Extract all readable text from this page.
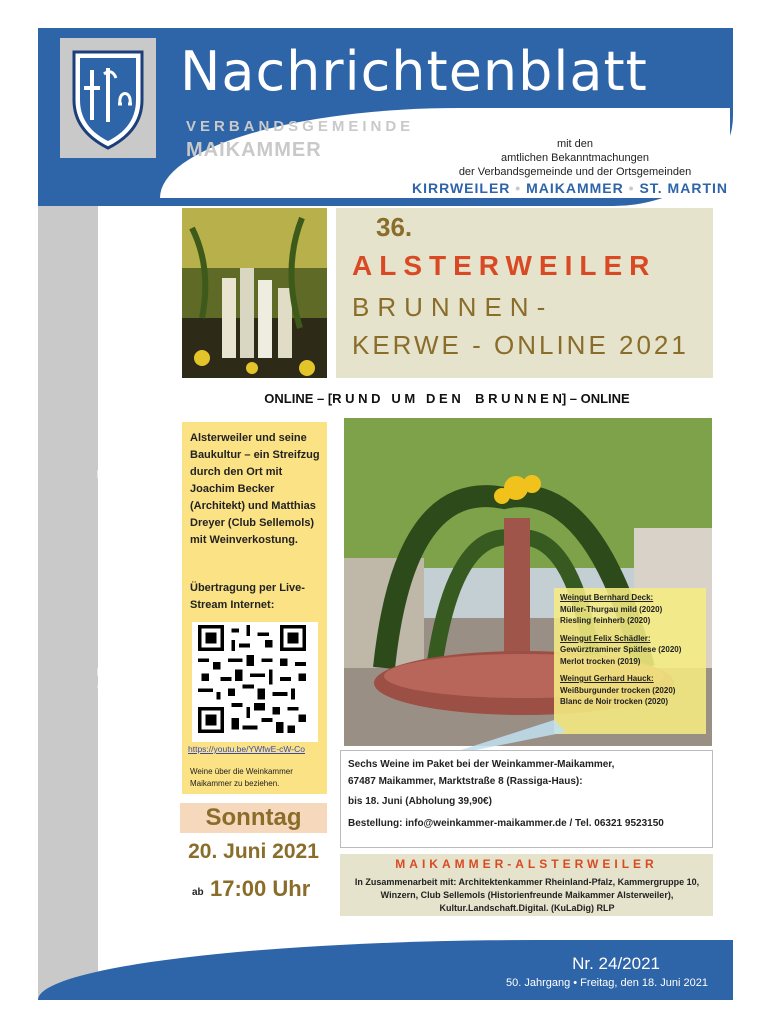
www.vg-maikammer.de
Nachrichtenblatt
VERBANDSGEMEINDE
MAIKAMMER	mit den
amtlichen Bekanntmachungen
der Verbandsgemeinde und der Ortsgemeinden
KIRRWEILER • MAIKAMMER • ST. MARTIN
36.
ALSTERWEILER
BRUNNEN-
KERWE - ONLINE 2021
ONLINE – [R U N D   U M   D E N    B R U N N E N] – ONLINE
Alsterweiler und seine Baukultur – ein Streifzug durch den Ort mit Joachim Becker (Architekt) und Matthias Dreyer (Club Sellemols) mit Weinverkostung.
Übertragung per Live-Stream Internet:
https://youtu.be/YWfwE-cW-Co
Weine über die Weinkammer Maikammer zu beziehen.
Weingut Bernhard Deck:
Müller-Thurgau mild (2020)
Riesling feinherb (2020)
Weingut Felix Schädler:
Gewürztraminer Spätlese (2020)
Merlot trocken (2019)
Weingut Gerhard Hauck:
Weißburgunder trocken (2020)
Blanc de Noir trocken (2020)
Sonntag
20. Juni 2021
ab 17:00 Uhr
Sechs Weine im Paket bei der Weinkammer-Maikammer,
67487 Maikammer, Marktstraße 8 (Rassiga-Haus):
bis 18. Juni (Abholung 39,90€)
Bestellung: info@weinkammer-maikammer.de / Tel. 06321 9523150
MAIKAMMER-ALSTERWEILER
In Zusammenarbeit mit: Architektenkammer Rheinland-Pfalz, Kammergruppe 10, Winzern, Club Sellemols (Historienfreunde Maikammer Alsterweiler), Kultur.Landschaft.Digital. (KuLaDig) RLP
Nr. 24/2021
50. Jahrgang • Freitag, den 18. Juni 2021
